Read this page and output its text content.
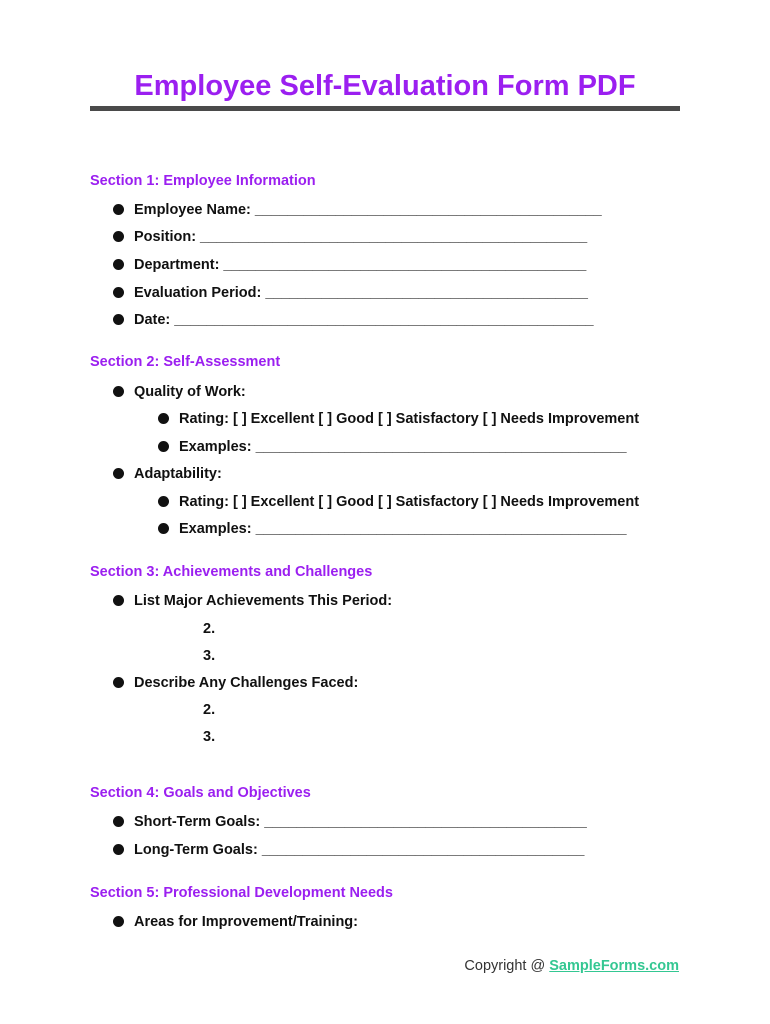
Employee Self-Evaluation Form PDF
Section 1: Employee Information
Employee Name: ___________________________________________
Position: ________________________________________________
Department: _____________________________________________
Evaluation Period: ________________________________________
Date: ____________________________________________________
Section 2: Self-Assessment
Quality of Work:
Rating: [ ] Excellent [ ] Good [ ] Satisfactory [ ] Needs Improvement
Examples: ______________________________________________
Adaptability:
Rating: [ ] Excellent [ ] Good [ ] Satisfactory [ ] Needs Improvement
Examples: ______________________________________________
Section 3: Achievements and Challenges
List Major Achievements This Period:
2.
3.
Describe Any Challenges Faced:
2.
3.
Section 4: Goals and Objectives
Short-Term Goals: ________________________________________
Long-Term Goals: ________________________________________
Section 5: Professional Development Needs
Areas for Improvement/Training:
Copyright @ SampleForms.com
